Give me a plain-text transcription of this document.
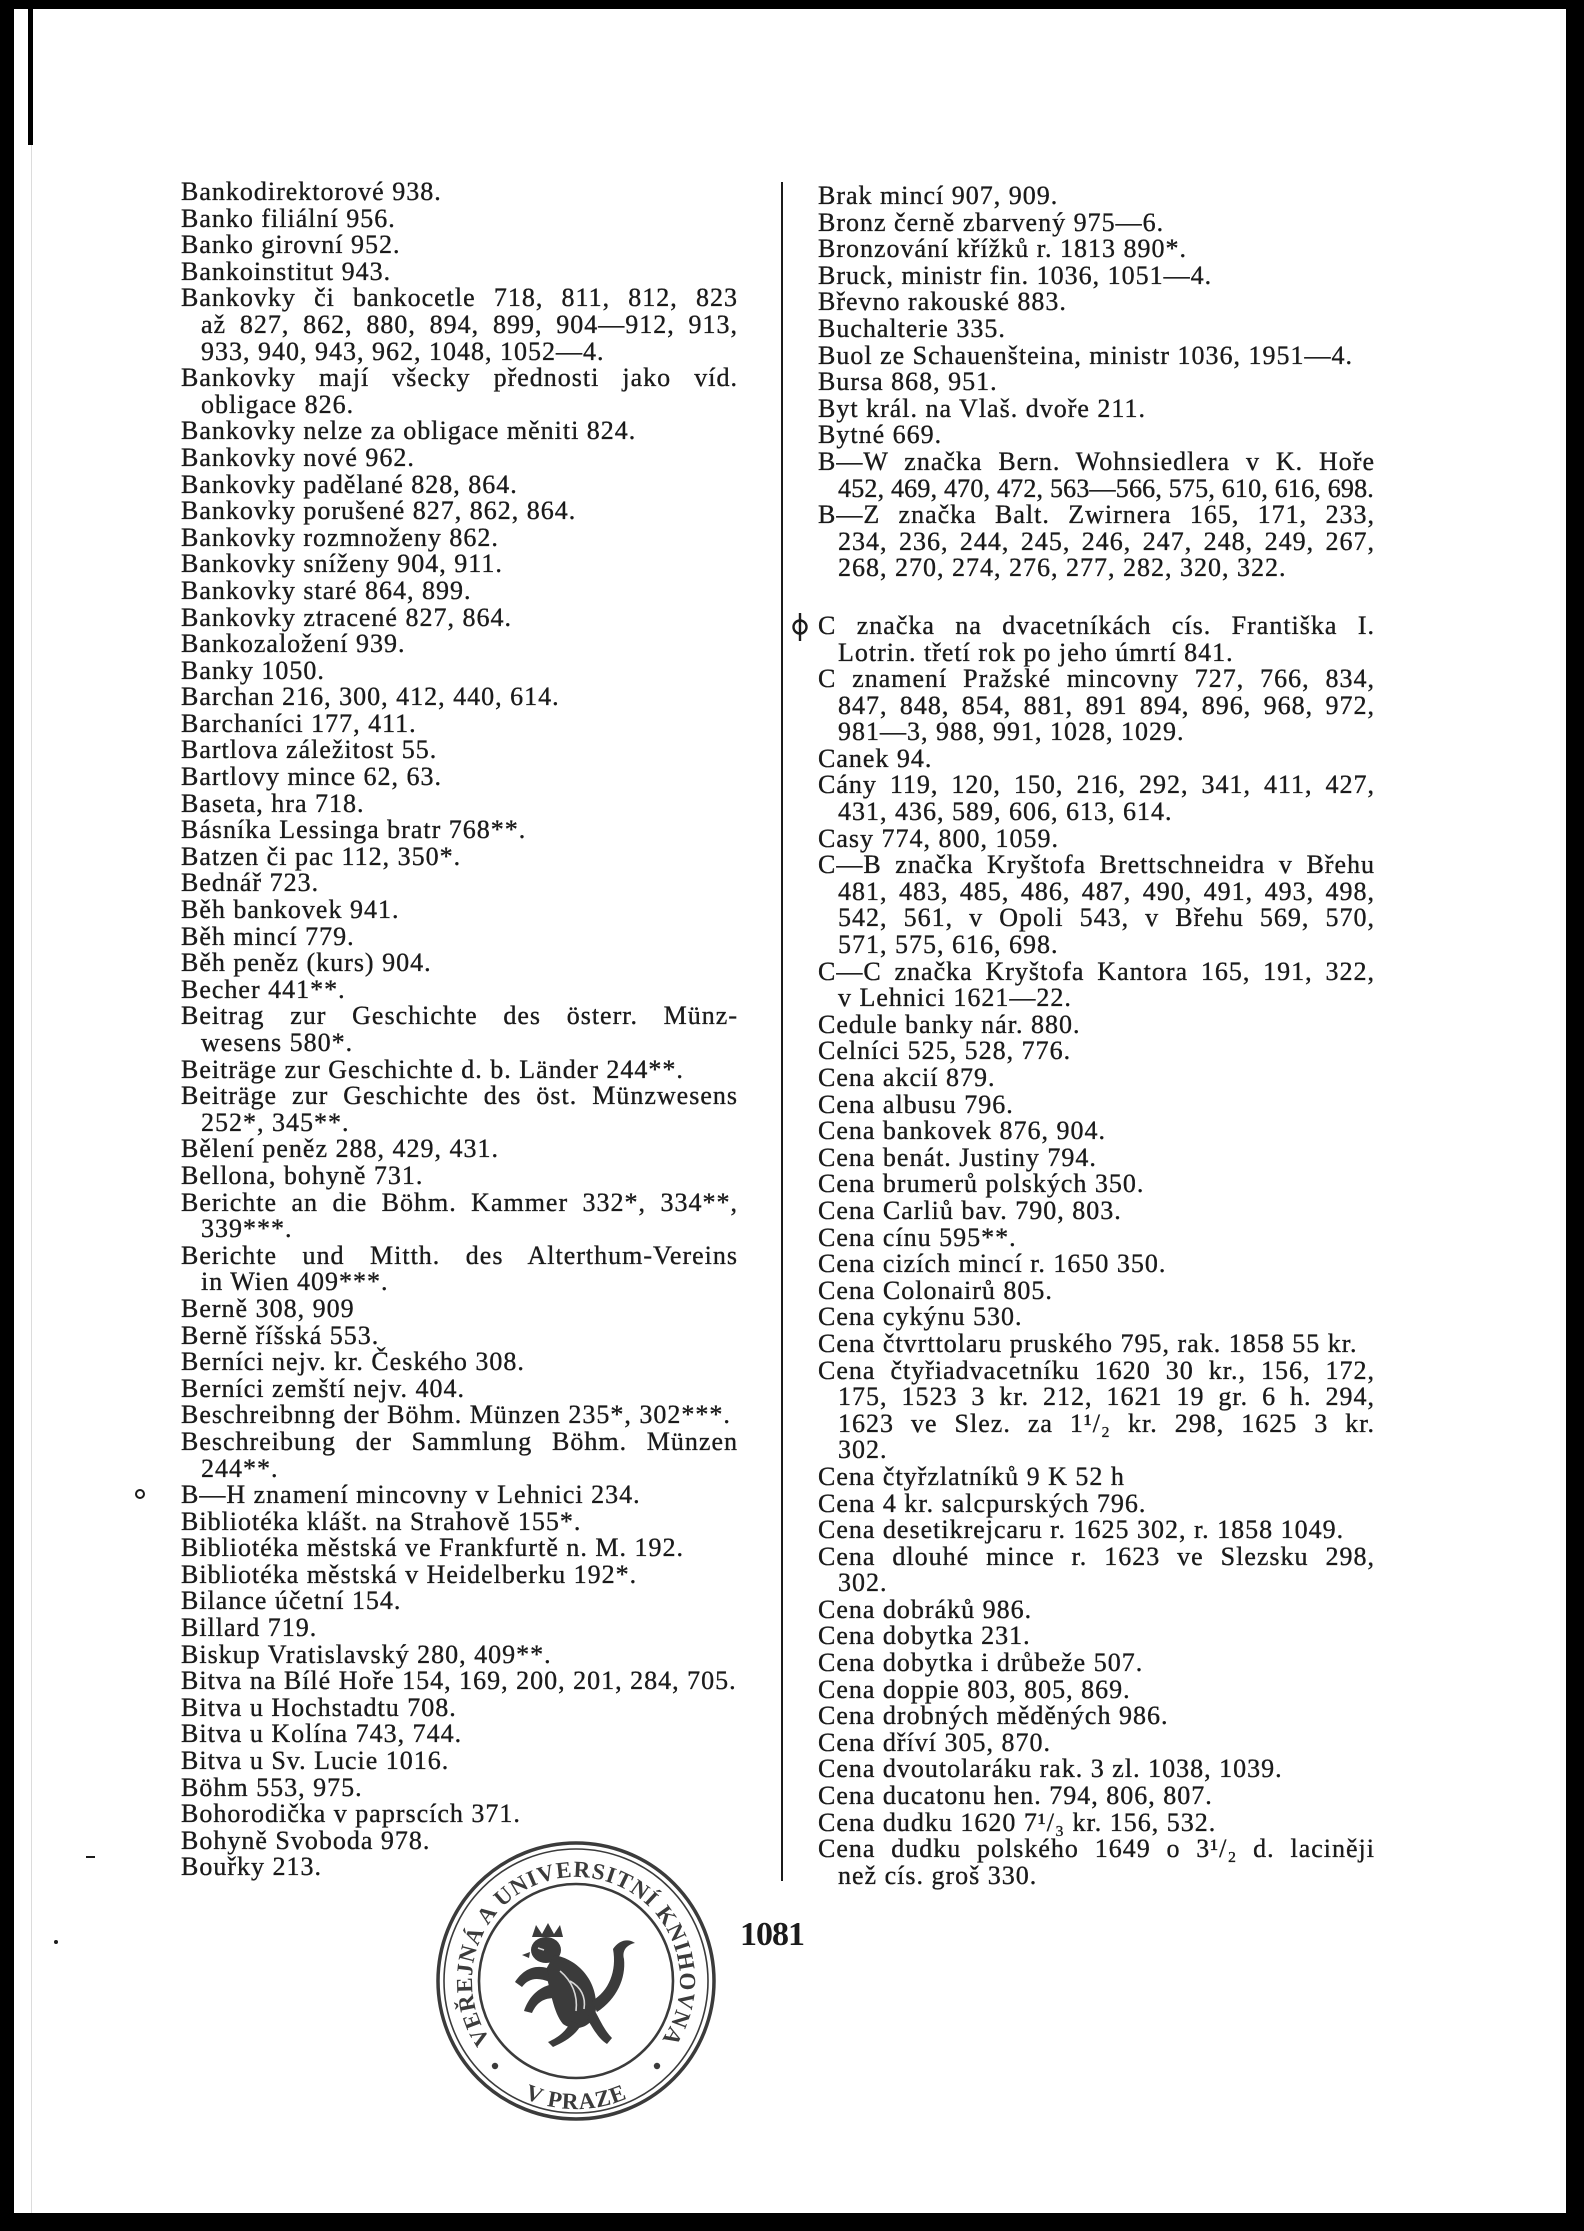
Bankodirektorové 938.
Banko filiální 956.
Banko girovní 952.
Bankoinstitut 943.
Bankovky či bankocetle 718, 811, 812, 823
až 827, 862, 880, 894, 899, 904—912, 913,
933, 940, 943, 962, 1048, 1052—4.
Bankovky mají všecky přednosti jako víd.
obligace 826.
Bankovky nelze za obligace měniti 824.
Bankovky nové 962.
Bankovky padělané 828, 864.
Bankovky porušené 827, 862, 864.
Bankovky rozmnoženy 862.
Bankovky sníženy 904, 911.
Bankovky staré 864, 899.
Bankovky ztracené 827, 864.
Bankozaložení 939.
Banky 1050.
Barchan 216, 300, 412, 440, 614.
Barchaníci 177, 411.
Bartlova záležitost 55.
Bartlovy mince 62, 63.
Baseta, hra 718.
Básníka Lessinga bratr 768**.
Batzen či pac 112, 350*.
Bednář 723.
Běh bankovek 941.
Běh mincí 779.
Běh peněz (kurs) 904.
Becher 441**.
Beitrag zur Geschichte des österr. Münz-
wesens 580*.
Beiträge zur Geschichte d. b. Länder 244**.
Beiträge zur Geschichte des öst. Münzwesens
252*, 345**.
Bělení peněz 288, 429, 431.
Bellona, bohyně 731.
Berichte an die Böhm. Kammer 332*, 334**,
339***.
Berichte und Mitth. des Alterthum-Vereins
in Wien 409***.
Berně 308, 909
Berně říšská 553.
Berníci nejv. kr. Českého 308.
Berníci zemští nejv. 404.
Beschreibnng der Böhm. Münzen 235*, 302***.
Beschreibung der Sammlung Böhm. Münzen
244**.
B—H znamení mincovny v Lehnici 234.
Bibliotéka klášt. na Strahově 155*.
Bibliotéka městská ve Frankfurtě n. M. 192.
Bibliotéka městská v Heidelberku 192*.
Bilance účetní 154.
Billard 719.
Biskup Vratislavský 280, 409**.
Bitva na Bílé Hoře 154, 169, 200, 201, 284, 705.
Bitva u Hochstadtu 708.
Bitva u Kolína 743, 744.
Bitva u Sv. Lucie 1016.
Böhm 553, 975.
Bohorodička v paprscích 371.
Bohyně Svoboda 978.
Bouřky 213.
Brak mincí 907, 909.
Bronz černě zbarvený 975—6.
Bronzování křížků r. 1813 890*.
Bruck, ministr fin. 1036, 1051—4.
Břevno rakouské 883.
Buchalterie 335.
Buol ze Schauenšteina, ministr 1036, 1951—4.
Bursa 868, 951.
Byt král. na Vlaš. dvoře 211.
Bytné 669.
B—W značka Bern. Wohnsiedlera v K. Hoře
452, 469, 470, 472, 563—566, 575, 610, 616, 698.
B—Z značka Balt. Zwirnera 165, 171, 233,
234, 236, 244, 245, 246, 247, 248, 249, 267,
268, 270, 274, 276, 277, 282, 320, 322.
C značka na dvacetníkách cís. Františka I.
Lotrin. třetí rok po jeho úmrtí 841.
C znamení Pražské mincovny 727, 766, 834,
847, 848, 854, 881, 891 894, 896, 968, 972,
981—3, 988, 991, 1028, 1029.
Canek 94.
Cány 119, 120, 150, 216, 292, 341, 411, 427,
431, 436, 589, 606, 613, 614.
Casy 774, 800, 1059.
C—B značka Kryštofa Brettschneidra v Břehu
481, 483, 485, 486, 487, 490, 491, 493, 498,
542, 561, v Opoli 543, v Břehu 569, 570,
571, 575, 616, 698.
C—C značka Kryštofa Kantora 165, 191, 322,
v Lehnici 1621—22.
Cedule banky nár. 880.
Celníci 525, 528, 776.
Cena akcií 879.
Cena albusu 796.
Cena bankovek 876, 904.
Cena benát. Justiny 794.
Cena brumerů polských 350.
Cena Carliů bav. 790, 803.
Cena cínu 595**.
Cena cizích mincí r. 1650 350.
Cena Colonairů 805.
Cena cykýnu 530.
Cena čtvrttolaru pruského 795, rak. 1858 55 kr.
Cena čtyřiadvacetníku 1620 30 kr., 156, 172,
175, 1523 3 kr. 212, 1621 19 gr. 6 h. 294,
1623 ve Slez. za 1¹/₂ kr. 298, 1625 3 kr.
302.
Cena čtyřzlatníků 9 K 52 h
Cena 4 kr. salcpurských 796.
Cena desetikrejcaru r. 1625 302, r. 1858 1049.
Cena dlouhé mince r. 1623 ve Slezsku 298,
302.
Cena dobráků 986.
Cena dobytka 231.
Cena dobytka i drůbeže 507.
Cena doppie 803, 805, 869.
Cena drobných měděných 986.
Cena dříví 305, 870.
Cena dvoutolaráku rak. 3 zl. 1038, 1039.
Cena ducatonu hen. 794, 806, 807.
Cena dudku 1620 7¹/₃ kr. 156, 532.
Cena dudku polského 1649 o 3¹/₂ d. laciněji
než cís. groš 330.
1081
VEŘEJNÁ A UNIVERSITNÍ KNIHOVNA
V PRAZE
